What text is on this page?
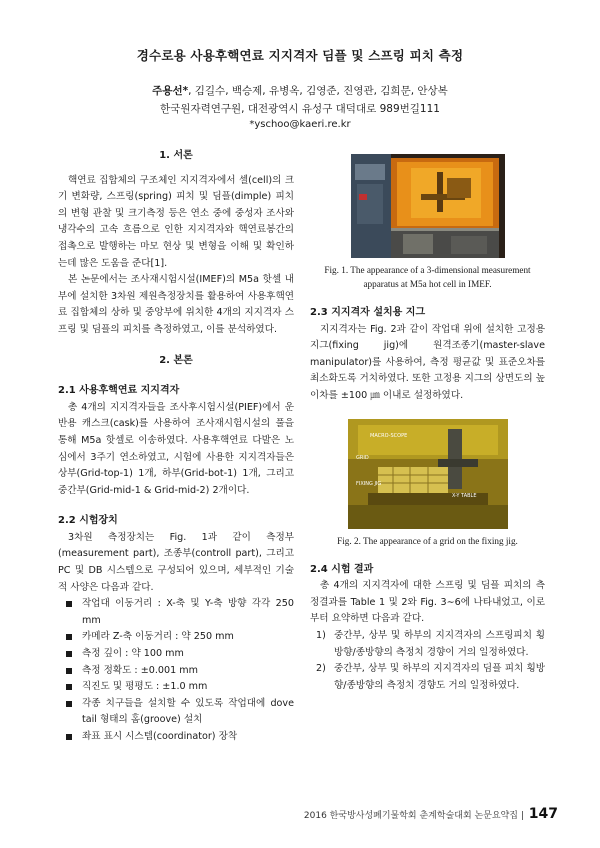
경수로용 사용후핵연료 지지격자 딤플 및 스프링 피치 측정
주용선*, 김길수, 백승제, 유병옥, 김영준, 진영관, 김희문, 안상복
한국원자력연구원, 대전광역시 유성구 대덕대로 989번길111
*yschoo@kaeri.re.kr
1. 서론

핵연료 집합체의 구조체인 지지격자에서 셀(cell)의 크기 변화량, 스프링(spring) 피치 및 딤플(dimple) 피치의 변형 관찰 및 크기측정 등은 연소 중에 중성자 조사와 냉각수의 고속 흐름으로 인한 지지격자와 핵연료봉간의 접촉으로 발행하는 마모 현상 및 변형을 이해 및 확인하는데 많은 도움을 준다[1].

본 논문에서는 조사재시험시설(IMEF)의 M5a 핫셀 내부에 설치한 3차원 제원측정장치를 활용하여 사용후핵연료 집합체의 상하 및 중앙부에 위치한 4개의 지지격자 스프링 및 딤플의 피치를 측정하였고, 이를 분석하였다.

2. 본론
2.1 사용후핵연료 지지격자

총 4개의 지지격자들을 조사후시험시설(PIEF)에서 운반용 캐스크(cask)를 사용하여 조사재시험시설의 풀을 통해 M5a 핫셀로 이송하였다. 사용후핵연료 다발은 노심에서 3주기 연소하였고, 시험에 사용한 지지격자들은 상부(Grid-top-1) 1개, 하부(Grid-bot-1) 1개, 그리고 중간부(Grid-mid-1 & Grid-mid-2) 2개이다.

2.2 시험장치

3차원 측정장치는 Fig. 1과 같이 측정부(measurement part), 조종부(controll part), 그리고 PC 및 DB 시스템으로 구성되어 있으며, 세부적인 기술적 사양은 다음과 같다.

작업대 이동거리 : X-축 및 Y-축 방향 각각 250 mm
카메라 Z-축 이동거리 : 약 250 mm
측정 깊이 : 약 100 mm
측정 정확도 : ±0.001 mm
직진도 및 평평도 : ±1.0 mm
각종 치구들을 설치할 수 있도록 작업대에 dove tail 형태의 홈(groove) 설치
좌표 표시 시스템(coordinator) 장착
Fig. 1. The appearance of a 3-dimensional measurement apparatus at M5a hot cell in IMEF.
2.3 지지격자 설치용 지그

지지격자는 Fig. 2과 같이 작업대 위에 설치한 고정용 지그(fixing jig)에 원격조종기(master-slave manipulator)를 사용하여, 측정 평균값 및 표준오차를 최소화도록 거치하였다. 또한 고정용 지그의 상면도의 높이차를 ±100 ㎛ 이내로 설정하였다.

MACRO-SCOPE
GRID
FIXING JIG
X-Y TABLE
Fig. 2. The appearance of a grid on the fixing jig.
2.4 시험 결과

총 4개의 지지격자에 대한 스프링 및 딤플 피치의 측정결과를 Table 1 및 2와 Fig. 3∼6에 나타내었고, 이로부터 요약하면 다음과 같다.

1) 중간부, 상부 및 하부의 지지격자의 스프링피치 횡방향/종방향의 측정치 경향이 거의 일정하였다.
2) 중간부, 상부 및 하부의 지지격자의 딤플 피치 횡방향/종방향의 측정치 경향도 거의 일정하였다.
2016 한국방사성폐기물학회 춘계학술대회 논문요약집 | 147
